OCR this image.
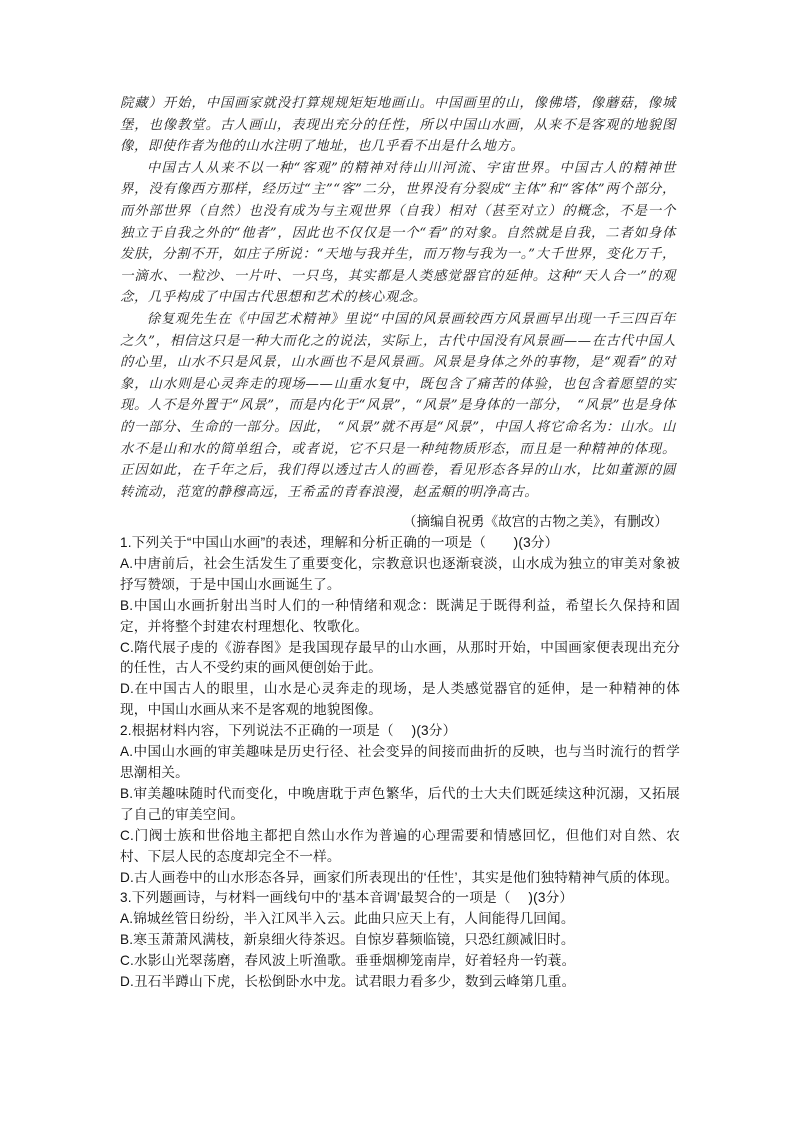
院藏）开始，中国画家就没打算规规矩矩地画山。中国画里的山，像佛塔，像蘑菇，像城堡，也像教堂。古人画山，表现出充分的任性，所以中国山水画，从来不是客观的地貌图像，即使作者为他的山水注明了地址，也几乎看不出是什么地方。

中国古人从来不以一种“客观”的精神对待山川河流、宇宙世界。中国古人的精神世界，没有像西方那样，经历过“主”“客”二分，世界没有分裂成“主体”和“客体”两个部分，而外部世界（自然）也没有成为与主观世界（自我）相对（甚至对立）的概念，不是一个独立于自我之外的“他者”，因此也不仅仅是一个“看”的对象。自然就是自我，二者如身体发肤，分割不开，如庄子所说：“天地与我并生，而万物与我为一。”大千世界，变化万千，一滴水、一粒沙、一片叶、一只鸟，其实都是人类感觉器官的延伸。这种“天人合一”的观念，几乎构成了中国古代思想和艺术的核心观念。

徐复观先生在《中国艺术精神》里说“中国的风景画较西方风景画早出现一千三四百年之久”，相信这只是一种大而化之的说法，实际上，古代中国没有风景画——在古代中国人的心里，山水不只是风景，山水画也不是风景画。风景是身体之外的事物，是“观看”的对象，山水则是心灵奔走的现场——山重水复中，既包含了痛苦的体验，也包含着愿望的实现。人不是外置于“风景”，而是内化于“风景”，“风景”是身体的一部分，　“风景”也是身体的一部分、生命的一部分。因此，　“风景”就不再是“风景”，中国人将它命名为：山水。山水不是山和水的简单组合，或者说，它不只是一种纯物质形态，而且是一种精神的体现。正因如此，在千年之后，我们得以透过古人的画卷，看见形态各异的山水，比如董源的圆转流动，范宽的静穆高远，王希孟的青春浪漫，赵孟頫的明净高古。

（摘编自祝勇《故宫的古物之美》，有删改）

1.下列关于“中国山水画”的表述，理解和分析正确的一项是（　　)(3分）

A.中唐前后，社会生活发生了重要变化，宗教意识也逐渐衰淡，山水成为独立的审美对象被抒写赞颂，于是中国山水画诞生了。

B.中国山水画折射出当时人们的一种情绪和观念：既满足于既得利益，希望长久保持和固定，并将整个封建农村理想化、牧歌化。

C.隋代展子虔的《游春图》是我国现存最早的山水画，从那时开始，中国画家便表现出充分的任性，古人不受约束的画风便创始于此。

D.在中国古人的眼里，山水是心灵奔走的现场，是人类感觉器官的延伸，是一种精神的体现，中国山水画从来不是客观的地貌图像。

2.根据材料内容，下列说法不正确的一项是（　 )(3分）

A.中国山水画的审美趣味是历史行径、社会变异的间接而曲折的反映，也与当时流行的哲学思潮相关。

B.审美趣味随时代而变化，中晚唐耽于声色繁华，后代的士大夫们既延续这种沉溺，又拓展了自己的审美空间。

C.门阀士族和世俗地主都把自然山水作为普遍的心理需要和情感回忆，但他们对自然、农村、下层人民的态度却完全不一样。

D.古人画卷中的山水形态各异，画家们所表现出的‘任性’，其实是他们独特精神气质的体现。

3.下列题画诗，与材料一画线句中的‘基本音调’最契合的一项是（　 )(3分）

A.锦城丝管日纷纷，半入江风半入云。此曲只应天上有，人间能得几回闻。

B.寒玉萧萧风满枝，新泉细火待茶迟。自惊岁暮频临镜，只恐红颜减旧时。

C.水影山光翠荡磨，春风波上听渔歌。垂垂烟柳笼南岸，好着轻舟一钓蓑。

D.丑石半蹲山下虎，长松倒卧水中龙。试君眼力看多少，数到云峰第几重。
